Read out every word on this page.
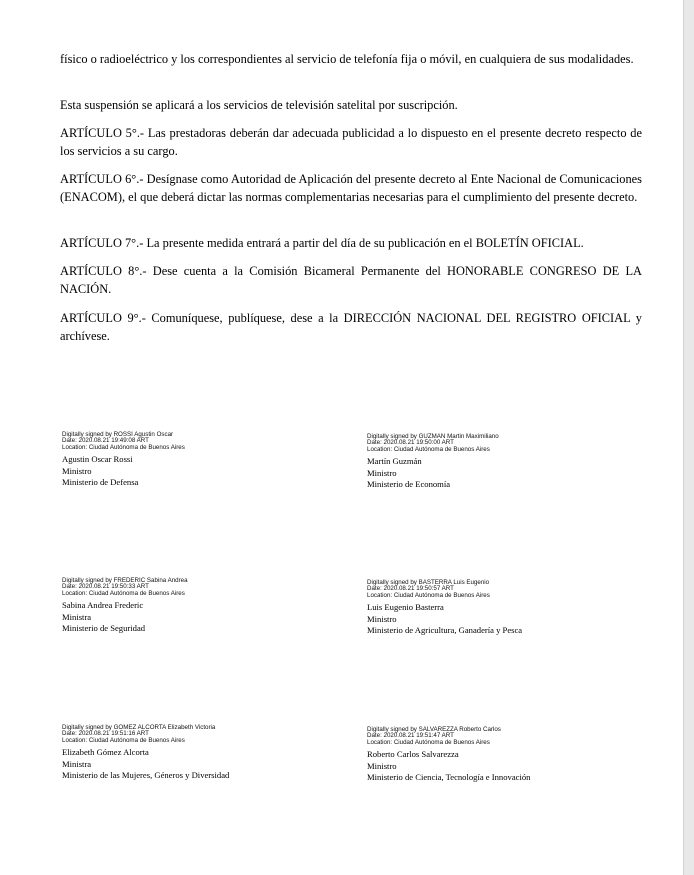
físico o radioeléctrico y los correspondientes al servicio de telefonía fija o móvil, en cualquiera de sus modalidades.

Esta suspensión se aplicará a los servicios de televisión satelital por suscripción.

ARTÍCULO 5°.- Las prestadoras deberán dar adecuada publicidad a lo dispuesto en el presente decreto respecto de los servicios a su cargo.

ARTÍCULO 6°.- Desígnase como Autoridad de Aplicación del presente decreto al Ente Nacional de Comunicaciones (ENACOM), el que deberá dictar las normas complementarias necesarias para el cumplimiento del presente decreto.

ARTÍCULO 7°.- La presente medida entrará a partir del día de su publicación en el BOLETÍN OFICIAL.

ARTÍCULO 8°.- Dese cuenta a la Comisión Bicameral Permanente del HONORABLE CONGRESO DE LA NACIÓN.

ARTÍCULO 9°.- Comuníquese, publíquese, dese a la DIRECCIÓN NACIONAL DEL REGISTRO OFICIAL y archívese.

Digitally signed by ROSSI Agustin Oscar
Date: 2020.08.21 19:49:08 ART
Location: Ciudad Autónoma de Buenos Aires
Agustin Oscar Rossi
Ministro
Ministerio de Defensa
Digitally signed by GUZMAN Martin Maximiliano
Date: 2020.08.21 19:50:00 ART
Location: Ciudad Autónoma de Buenos Aires
Martín Guzmán
Ministro
Ministerio de Economía
Digitally signed by FREDERIC Sabina Andrea
Date: 2020.08.21 19:50:33 ART
Location: Ciudad Autónoma de Buenos Aires
Sabina Andrea Frederic
Ministra
Ministerio de Seguridad
Digitally signed by BASTERRA Luis Eugenio
Date: 2020.08.21 19:50:57 ART
Location: Ciudad Autónoma de Buenos Aires
Luis Eugenio Basterra
Ministro
Ministerio de Agricultura, Ganadería y Pesca
Digitally signed by GOMEZ ALCORTA Elizabeth Victoria
Date: 2020.08.21 19:51:16 ART
Location: Ciudad Autónoma de Buenos Aires
Elizabeth Gómez Alcorta
Ministra
Ministerio de las Mujeres, Géneros y Diversidad
Digitally signed by SALVAREZZA Roberto Carlos
Date: 2020.08.21 19:51:47 ART
Location: Ciudad Autónoma de Buenos Aires
Roberto Carlos Salvarezza
Ministro
Ministerio de Ciencia, Tecnología e Innovación
